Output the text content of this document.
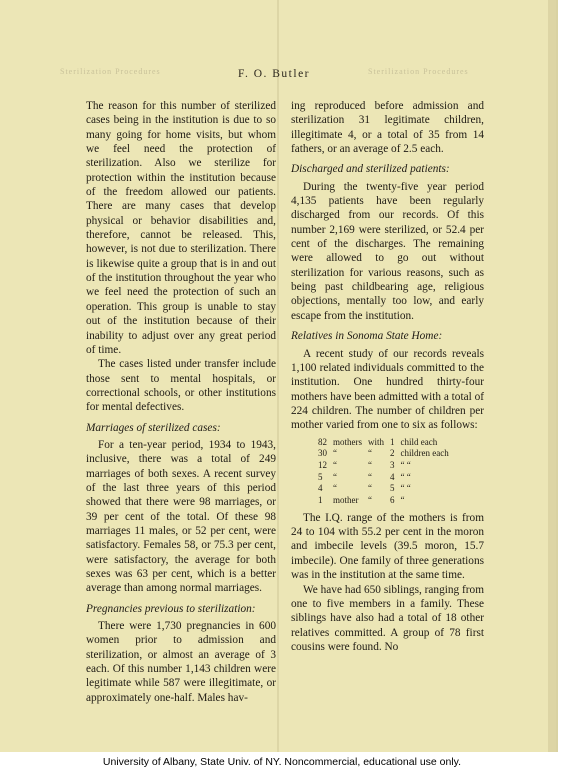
Sterilization Procedures
Sterilization Procedures	F. O. Butler

The reason for this number of sterilized cases being in the institution is due to so many going for home visits, but whom we feel need the protection of sterilization. Also we sterilize for protection within the institution because of the freedom allowed our patients. There are many cases that develop physical or behavior disabilities and, therefore, cannot be released. This, however, is not due to sterilization. There is likewise quite a group that is in and out of the institution throughout the year who we feel need the protection of such an operation. This group is unable to stay out of the institution because of their inability to adjust over any great period of time.

The cases listed under transfer include those sent to mental hospitals, or correctional schools, or other institutions for mental defectives.

Marriages of sterilized cases:

For a ten-year period, 1934 to 1943, inclusive, there was a total of 249 marriages of both sexes. A recent survey of the last three years of this period showed that there were 98 marriages, or 39 per cent of the total. Of these 98 marriages 11 males, or 52 per cent, were satisfactory. Females 58, or 75.3 per cent, were satisfactory, the average for both sexes was 63 per cent, which is a better average than among normal marriages.

Pregnancies previous to sterilization:

There were 1,730 pregnancies in 600 women prior to admission and sterilization, or almost an average of 3 each. Of this number 1,143 children were legitimate while 587 were illegitimate, or approximately one-half. Males hav-

ing reproduced before admission and sterilization 31 legitimate children, illegitimate 4, or a total of 35 from 14 fathers, or an average of 2.5 each.

Discharged and sterilized patients:

During the twenty-five year period 4,135 patients have been regularly discharged from our records. Of this number 2,169 were sterilized, or 52.4 per cent of the discharges. The remaining were allowed to go out without sterilization for various reasons, such as being past childbearing age, religious objections, mentally too low, and early escape from the institution.

Relatives in Sonoma State Home:

A recent study of our records reveals 1,100 related individuals committed to the institution. One hundred thirty-four mothers have been admitted with a total of 224 children. The number of children per mother varied from one to six as follows:

82	mothers	with	1	child each
30	“	“	2	children each
12	“	“	3	“ “
5	“	“	4	“ “
4	“	“	5	“ “
1	mother	“	6	“

The I.Q. range of the mothers is from 24 to 104 with 55.2 per cent in the moron and imbecile levels (39.5 moron, 15.7 imbecile). One family of three generations was in the institution at the same time.

We have had 650 siblings, ranging from one to five members in a family. These siblings have also had a total of 18 other relatives committed. A group of 78 first cousins were found. No

University of Albany, State Univ. of NY. Noncommercial, educational use only.
